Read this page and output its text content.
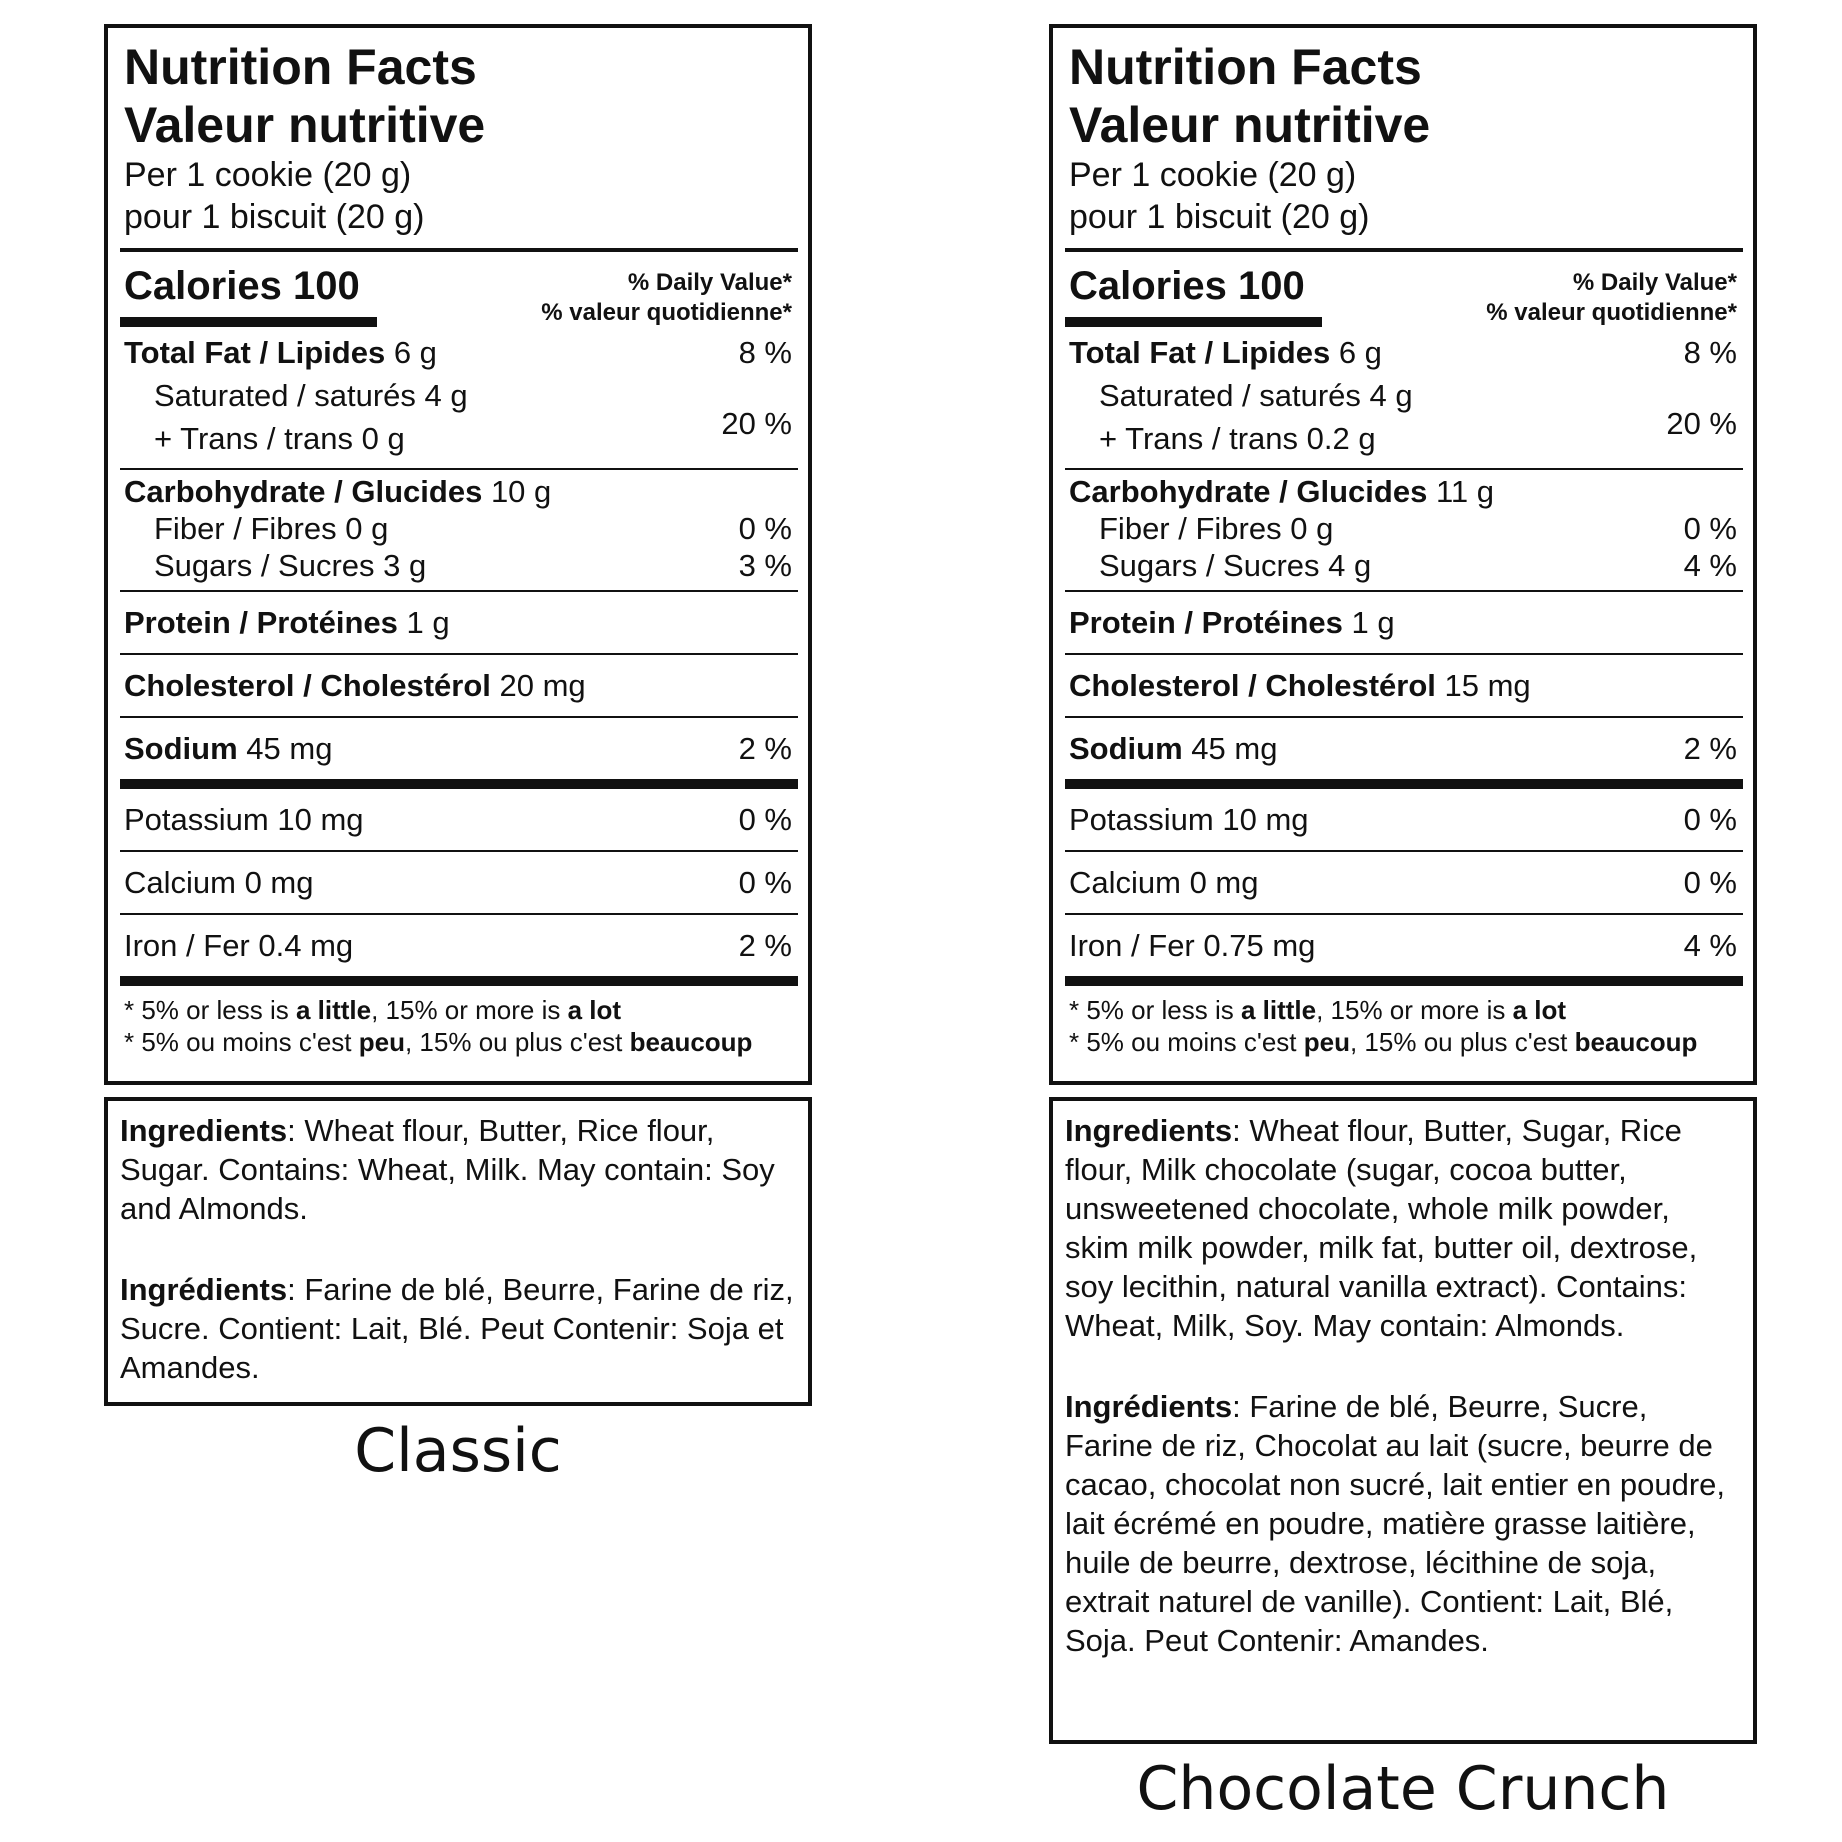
Nutrition Facts
Valeur nutritive
Per 1 cookie (20 g)
pour 1 biscuit (20 g)
Calories 100	% Daily Value*
% valeur quotidienne*
Total Fat / Lipides 6 g	8 %
Saturated / saturés 4 g
+ Trans / trans 0 g	20 %
Carbohydrate / Glucides 10 g
Fiber / Fibres 0 g	0 %
Sugars / Sucres 3 g	3 %
Protein / Protéines 1 g
Cholesterol / Cholestérol 20 mg
Sodium 45 mg	2 %
Potassium 10 mg	0 %
Calcium 0 mg	0 %
Iron / Fer 0.4 mg	2 %
* 5% or less is a little, 15% or more is a lot
* 5% ou moins c'est peu, 15% ou plus c'est beaucoup

Ingredients: Wheat flour, Butter, Rice flour, Sugar. Contains: Wheat, Milk. May contain: Soy and Almonds.

Ingrédients: Farine de blé, Beurre, Farine de riz, Sucre. Contient: Lait, Blé. Peut Contenir: Soja et Amandes.

Classic
Nutrition Facts
Valeur nutritive
Per 1 cookie (20 g)
pour 1 biscuit (20 g)
Calories 100	% Daily Value*
% valeur quotidienne*
Total Fat / Lipides 6 g	8 %
Saturated / saturés 4 g
+ Trans / trans 0.2 g	20 %
Carbohydrate / Glucides 11 g
Fiber / Fibres 0 g	0 %
Sugars / Sucres 4 g	4 %
Protein / Protéines 1 g
Cholesterol / Cholestérol 15 mg
Sodium 45 mg	2 %
Potassium 10 mg	0 %
Calcium 0 mg	0 %
Iron / Fer 0.75 mg	4 %
* 5% or less is a little, 15% or more is a lot
* 5% ou moins c'est peu, 15% ou plus c'est beaucoup

Ingredients: Wheat flour, Butter, Sugar, Rice flour, Milk chocolate (sugar, cocoa butter, unsweetened chocolate, whole milk powder, skim milk powder, milk fat, butter oil, dextrose, soy lecithin, natural vanilla extract). Contains: Wheat, Milk, Soy. May contain: Almonds.

Ingrédients: Farine de blé, Beurre, Sucre, Farine de riz, Chocolat au lait (sucre, beurre de cacao, chocolat non sucré, lait entier en poudre, lait écrémé en poudre, matière grasse laitière, huile de beurre, dextrose, lécithine de soja, extrait naturel de vanille). Contient: Lait, Blé, Soja. Peut Contenir: Amandes.

Chocolate Crunch
